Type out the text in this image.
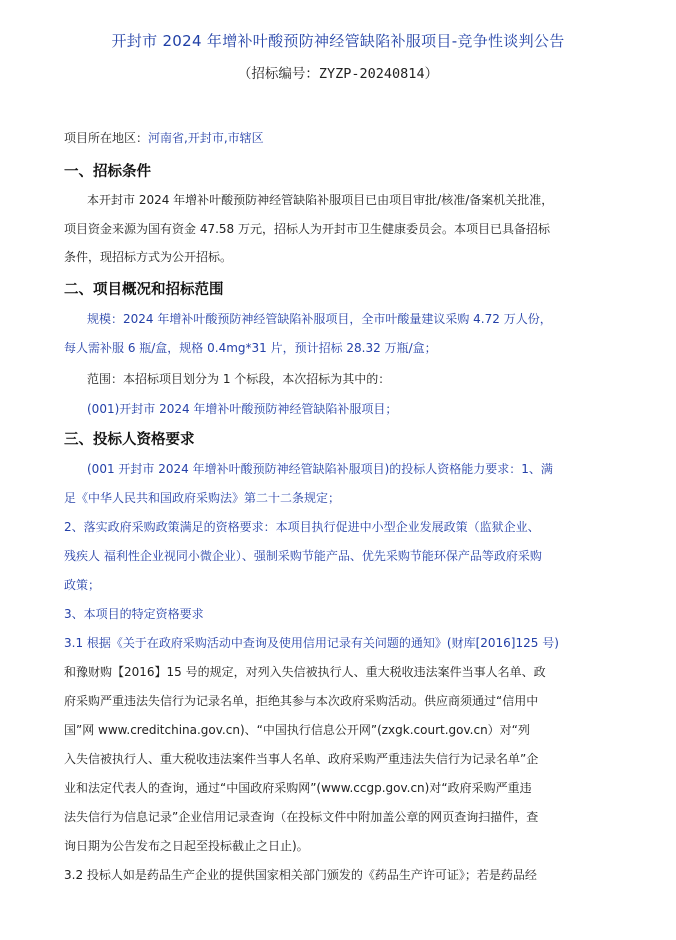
开封市 2024 年增补叶酸预防神经管缺陷补服项目-竞争性谈判公告
（招标编号：ZYZP-20240814）
项目所在地区：河南省,开封市,市辖区
一、招标条件
本开封市 2024 年增补叶酸预防神经管缺陷补服项目已由项目审批/核准/备案机关批准，
项目资金来源为国有资金 47.58 万元，招标人为开封市卫生健康委员会。本项目已具备招标
条件，现招标方式为公开招标。
二、项目概况和招标范围
规模：2024 年增补叶酸预防神经管缺陷补服项目，全市叶酸量建议采购 4.72 万人份，
每人需补服 6 瓶/盒，规格 0.4mg*31 片，预计招标 28.32 万瓶/盒；
范围：本招标项目划分为 1 个标段，本次招标为其中的：
(001)开封市 2024 年增补叶酸预防神经管缺陷补服项目；
三、投标人资格要求
(001 开封市 2024 年增补叶酸预防神经管缺陷补服项目)的投标人资格能力要求：1、满
足《中华人民共和国政府采购法》第二十二条规定；
2、落实政府采购政策满足的资格要求：本项目执行促进中小型企业发展政策（监狱企业、
残疾人 福利性企业视同小微企业）、强制采购节能产品、优先采购节能环保产品等政府采购
政策；
3、本项目的特定资格要求
3.1 根据《关于在政府采购活动中查询及使用信用记录有关问题的通知》(财库[2016]125 号)
和豫财购【2016】15 号的规定，对列入失信被执行人、重大税收违法案件当事人名单、政
府采购严重违法失信行为记录名单，拒绝其参与本次政府采购活动。供应商须通过“信用中
国”网 www.creditchina.gov.cn)、“中国执行信息公开网”(zxgk.court.gov.cn）对“列
入失信被执行人、重大税收违法案件当事人名单、政府采购严重违法失信行为记录名单”企
业和法定代表人的查询，通过“中国政府采购网”(www.ccgp.gov.cn)对“政府采购严重违
法失信行为信息记录”企业信用记录查询（在投标文件中附加盖公章的网页查询扫描件，查
询日期为公告发布之日起至投标截止之日止)。
3.2 投标人如是药品生产企业的提供国家相关部门颁发的《药品生产许可证》；若是药品经
